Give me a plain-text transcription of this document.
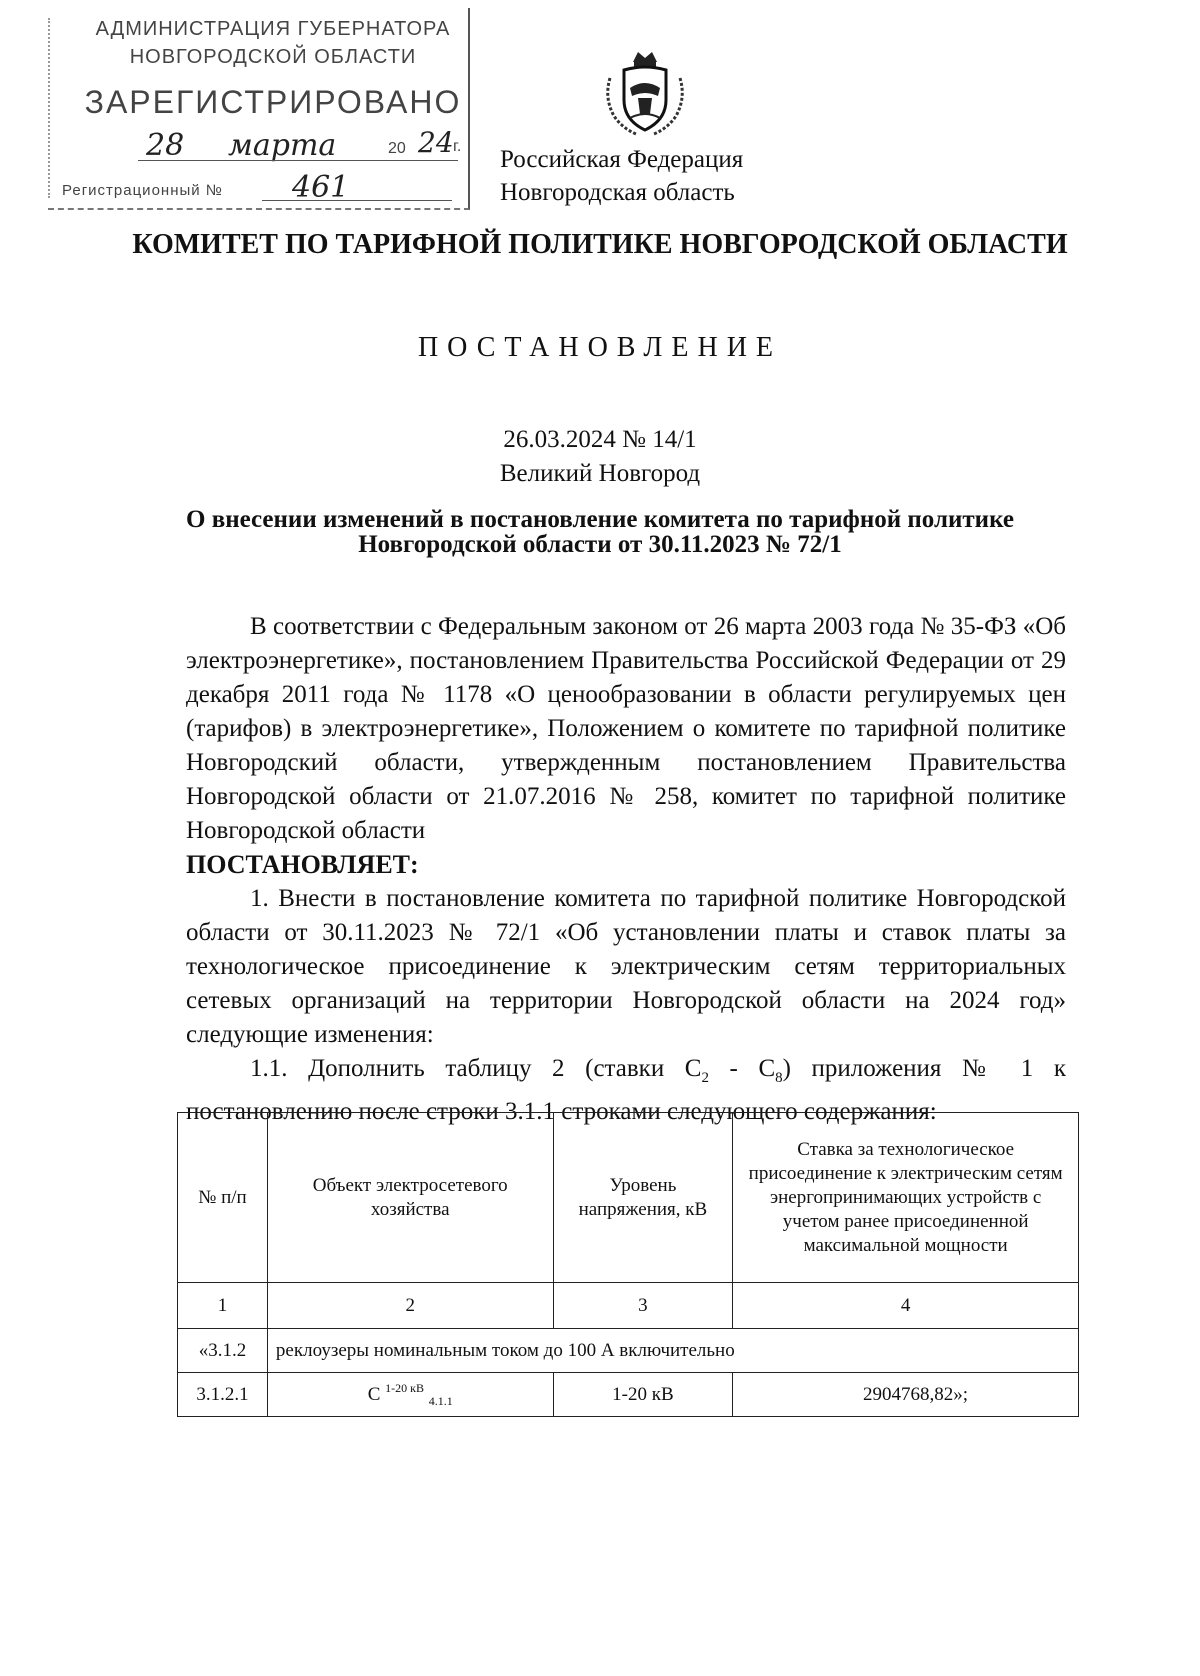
АДМИНИСТРАЦИЯ ГУБЕРНАТОРА
НОВГОРОДСКОЙ ОБЛАСТИ
ЗАРЕГИСТРИРОВАНО
28 марта	20 24 г.
Регистрационный № 461
Российская Федерация
Новгородская область
КОМИТЕТ ПО ТАРИФНОЙ ПОЛИТИКЕ НОВГОРОДСКОЙ ОБЛАСТИ
ПОСТАНОВЛЕНИЕ
26.03.2024 № 14/1
Великий Новгород
О внесении изменений в постановление комитета по тарифной политике
Новгородской области от 30.11.2023 № 72/1

В соответствии с Федеральным законом от 26 марта 2003 года № 35-ФЗ «Об электроэнергетике», постановлением Правительства Российской Федерации от 29 декабря 2011 года № 1178 «О ценообразовании в области регулируемых цен (тарифов) в электроэнергетике», Положением о комитете по тарифной политике Новгородский области, утвержденным постановлением Правительства Новгородской области от 21.07.2016 № 258, комитет по тарифной политике Новгородской области

ПОСТАНОВЛЯЕТ:

1. Внести в постановление комитета по тарифной политике Новгородской области от 30.11.2023 № 72/1 «Об установлении платы и ставок платы за технологическое присоединение к электрическим сетям территориальных сетевых организаций на территории Новгородской области на 2024 год» следующие изменения:

1.1. Дополнить таблицу 2 (ставки $С_2 - С_8$) приложения № 1 к постановлению после строки 3.1.1 строками следующего содержания:

№ п/п	Объект электросетевого хозяйства	Уровень напряжения, кВ	Ставка за технологическое присоединение к электрическим сетям энергопринимающих устройств с учетом ранее присоединенной максимальной мощности
1	2	3	4
«3.1.2	реклоузеры номинальным током до 100 А включительно		
3.1.2.1	С $^{1-20 кВ}$ $_{4.1.1}$	1-20 кВ	2904768,82»;
